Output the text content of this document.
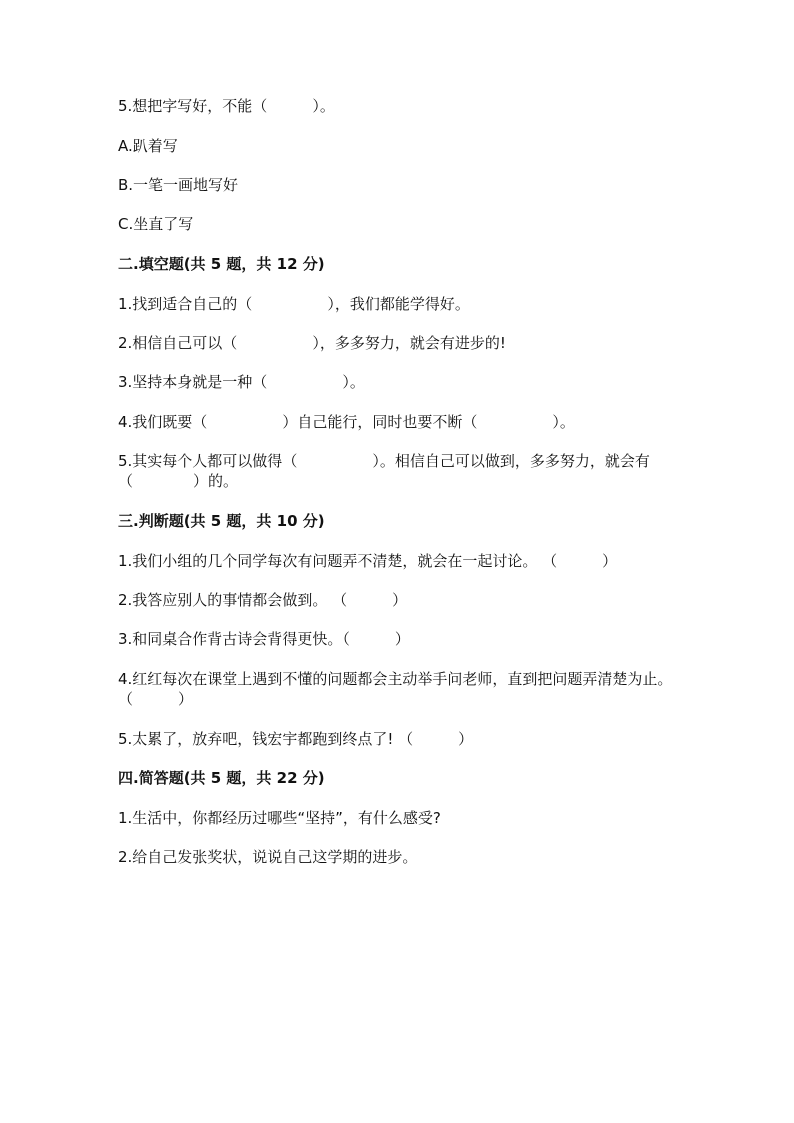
5.想把字写好，不能（　　　）。
A.趴着写
B.一笔一画地写好
C.坐直了写
二.填空题(共 5 题，共 12 分)
1.找到适合自己的（　　　　　），我们都能学得好。
2.相信自己可以（　　　　　），多多努力，就会有进步的!
3.坚持本身就是一种（　　　　　）。
4.我们既要（　　　　　）自己能行，同时也要不断（　　　　　）。
5.其实每个人都可以做得（　　　　　）。相信自己可以做到，多多努力，就会有（　　　　）的。
三.判断题(共 5 题，共 10 分)
1.我们小组的几个同学每次有问题弄不清楚，就会在一起讨论。 （　　　）
2.我答应别人的事情都会做到。 （　　　）
3.和同桌合作背古诗会背得更快。（　　　）
4.红红每次在课堂上遇到不懂的问题都会主动举手问老师，直到把问题弄清楚为止。（　　　）
5.太累了，放弃吧，钱宏宇都跑到终点了! （　　　）
四.简答题(共 5 题，共 22 分)
1.生活中，你都经历过哪些“坚持”，有什么感受?
2.给自己发张奖状，说说自己这学期的进步。
